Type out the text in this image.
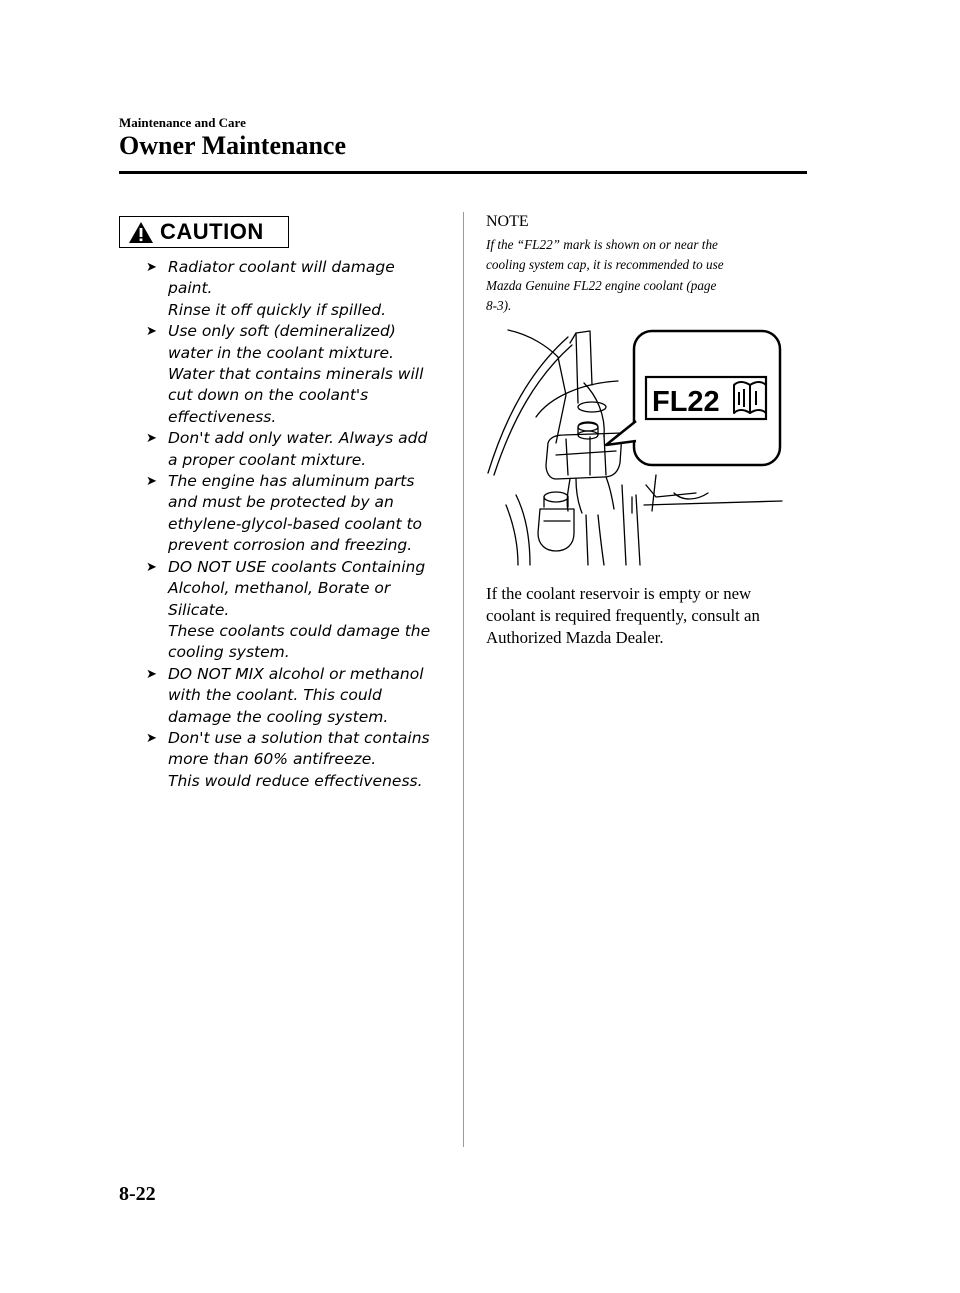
Maintenance and Care
Owner Maintenance
CAUTION
➤ Radiator coolant will damage
paint.
Rinse it off quickly if spilled.
➤ Use only soft (demineralized)
water in the coolant mixture.
Water that contains minerals will
cut down on the coolant's
effectiveness.
➤ Don't add only water. Always add
a proper coolant mixture.
➤ The engine has aluminum parts
and must be protected by an
ethylene-glycol-based coolant to
prevent corrosion and freezing.
➤ DO NOT USE coolants Containing
Alcohol, methanol, Borate or
Silicate.
These coolants could damage the
cooling system.
➤ DO NOT MIX alcohol or methanol
with the coolant. This could
damage the cooling system.
➤ Don't use a solution that contains
more than 60% antifreeze.
This would reduce effectiveness.
NOTE
If the “FL22” mark is shown on or near the
cooling system cap, it is recommended to use
Mazda Genuine FL22 engine coolant (page
8-3).
FL22
If the coolant reservoir is empty or new
coolant is required frequently, consult an
Authorized Mazda Dealer.
8-22
